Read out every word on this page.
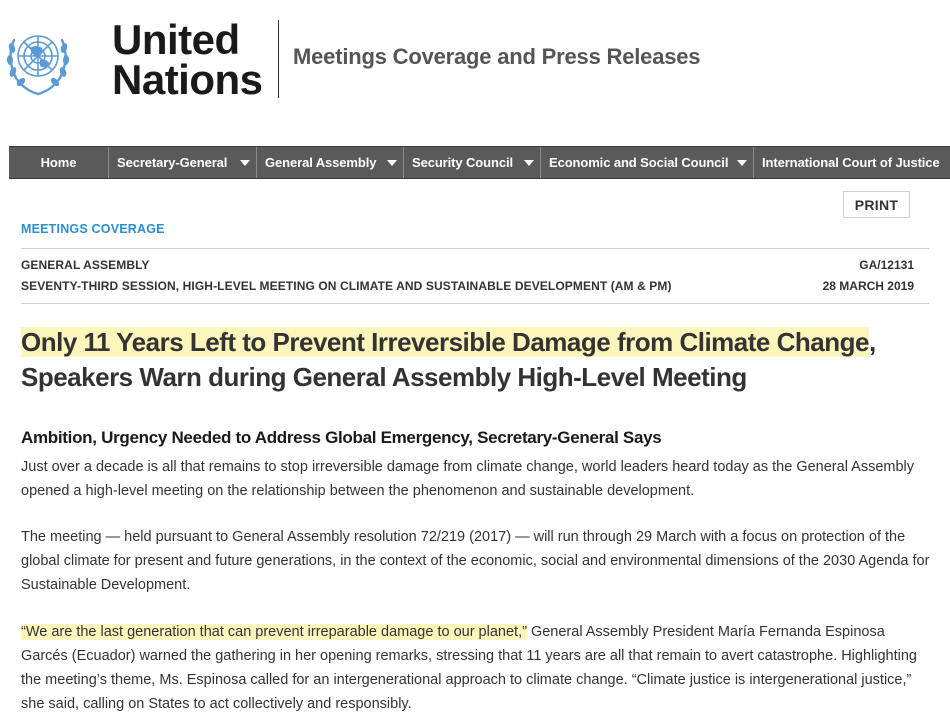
United
Nations Meetings Coverage and Press Releases
Home	Secretary-General	General Assembly	Security Council	Economic and Social Council	International Court of Justice
PRINT
MEETINGS COVERAGE
GENERAL ASSEMBLY
SEVENTY-THIRD SESSION, HIGH-LEVEL MEETING ON CLIMATE AND SUSTAINABLE DEVELOPMENT (AM & PM)
GA/12131
28 MARCH 2019
Only 11 Years Left to Prevent Irreversible Damage from Climate Change, Speakers Warn during General Assembly High-Level Meeting
Ambition, Urgency Needed to Address Global Emergency, Secretary-General Says

Just over a decade is all that remains to stop irreversible damage from climate change, world leaders heard today as the General Assembly opened a high-level meeting on the relationship between the phenomenon and sustainable development.

The meeting — held pursuant to General Assembly resolution 72/219 (2017) — will run through 29 March with a focus on protection of the global climate for present and future generations, in the context of the economic, social and environmental dimensions of the 2030 Agenda for Sustainable Development.

“We are the last generation that can prevent irreparable damage to our planet,” General Assembly President María Fernanda Espinosa Garcés (Ecuador) warned the gathering in her opening remarks, stressing that 11 years are all that remain to avert catastrophe. Highlighting the meeting’s theme, Ms. Espinosa called for an intergenerational approach to climate change. “Climate justice is intergenerational justice,” she said, calling on States to act collectively and responsibly.
